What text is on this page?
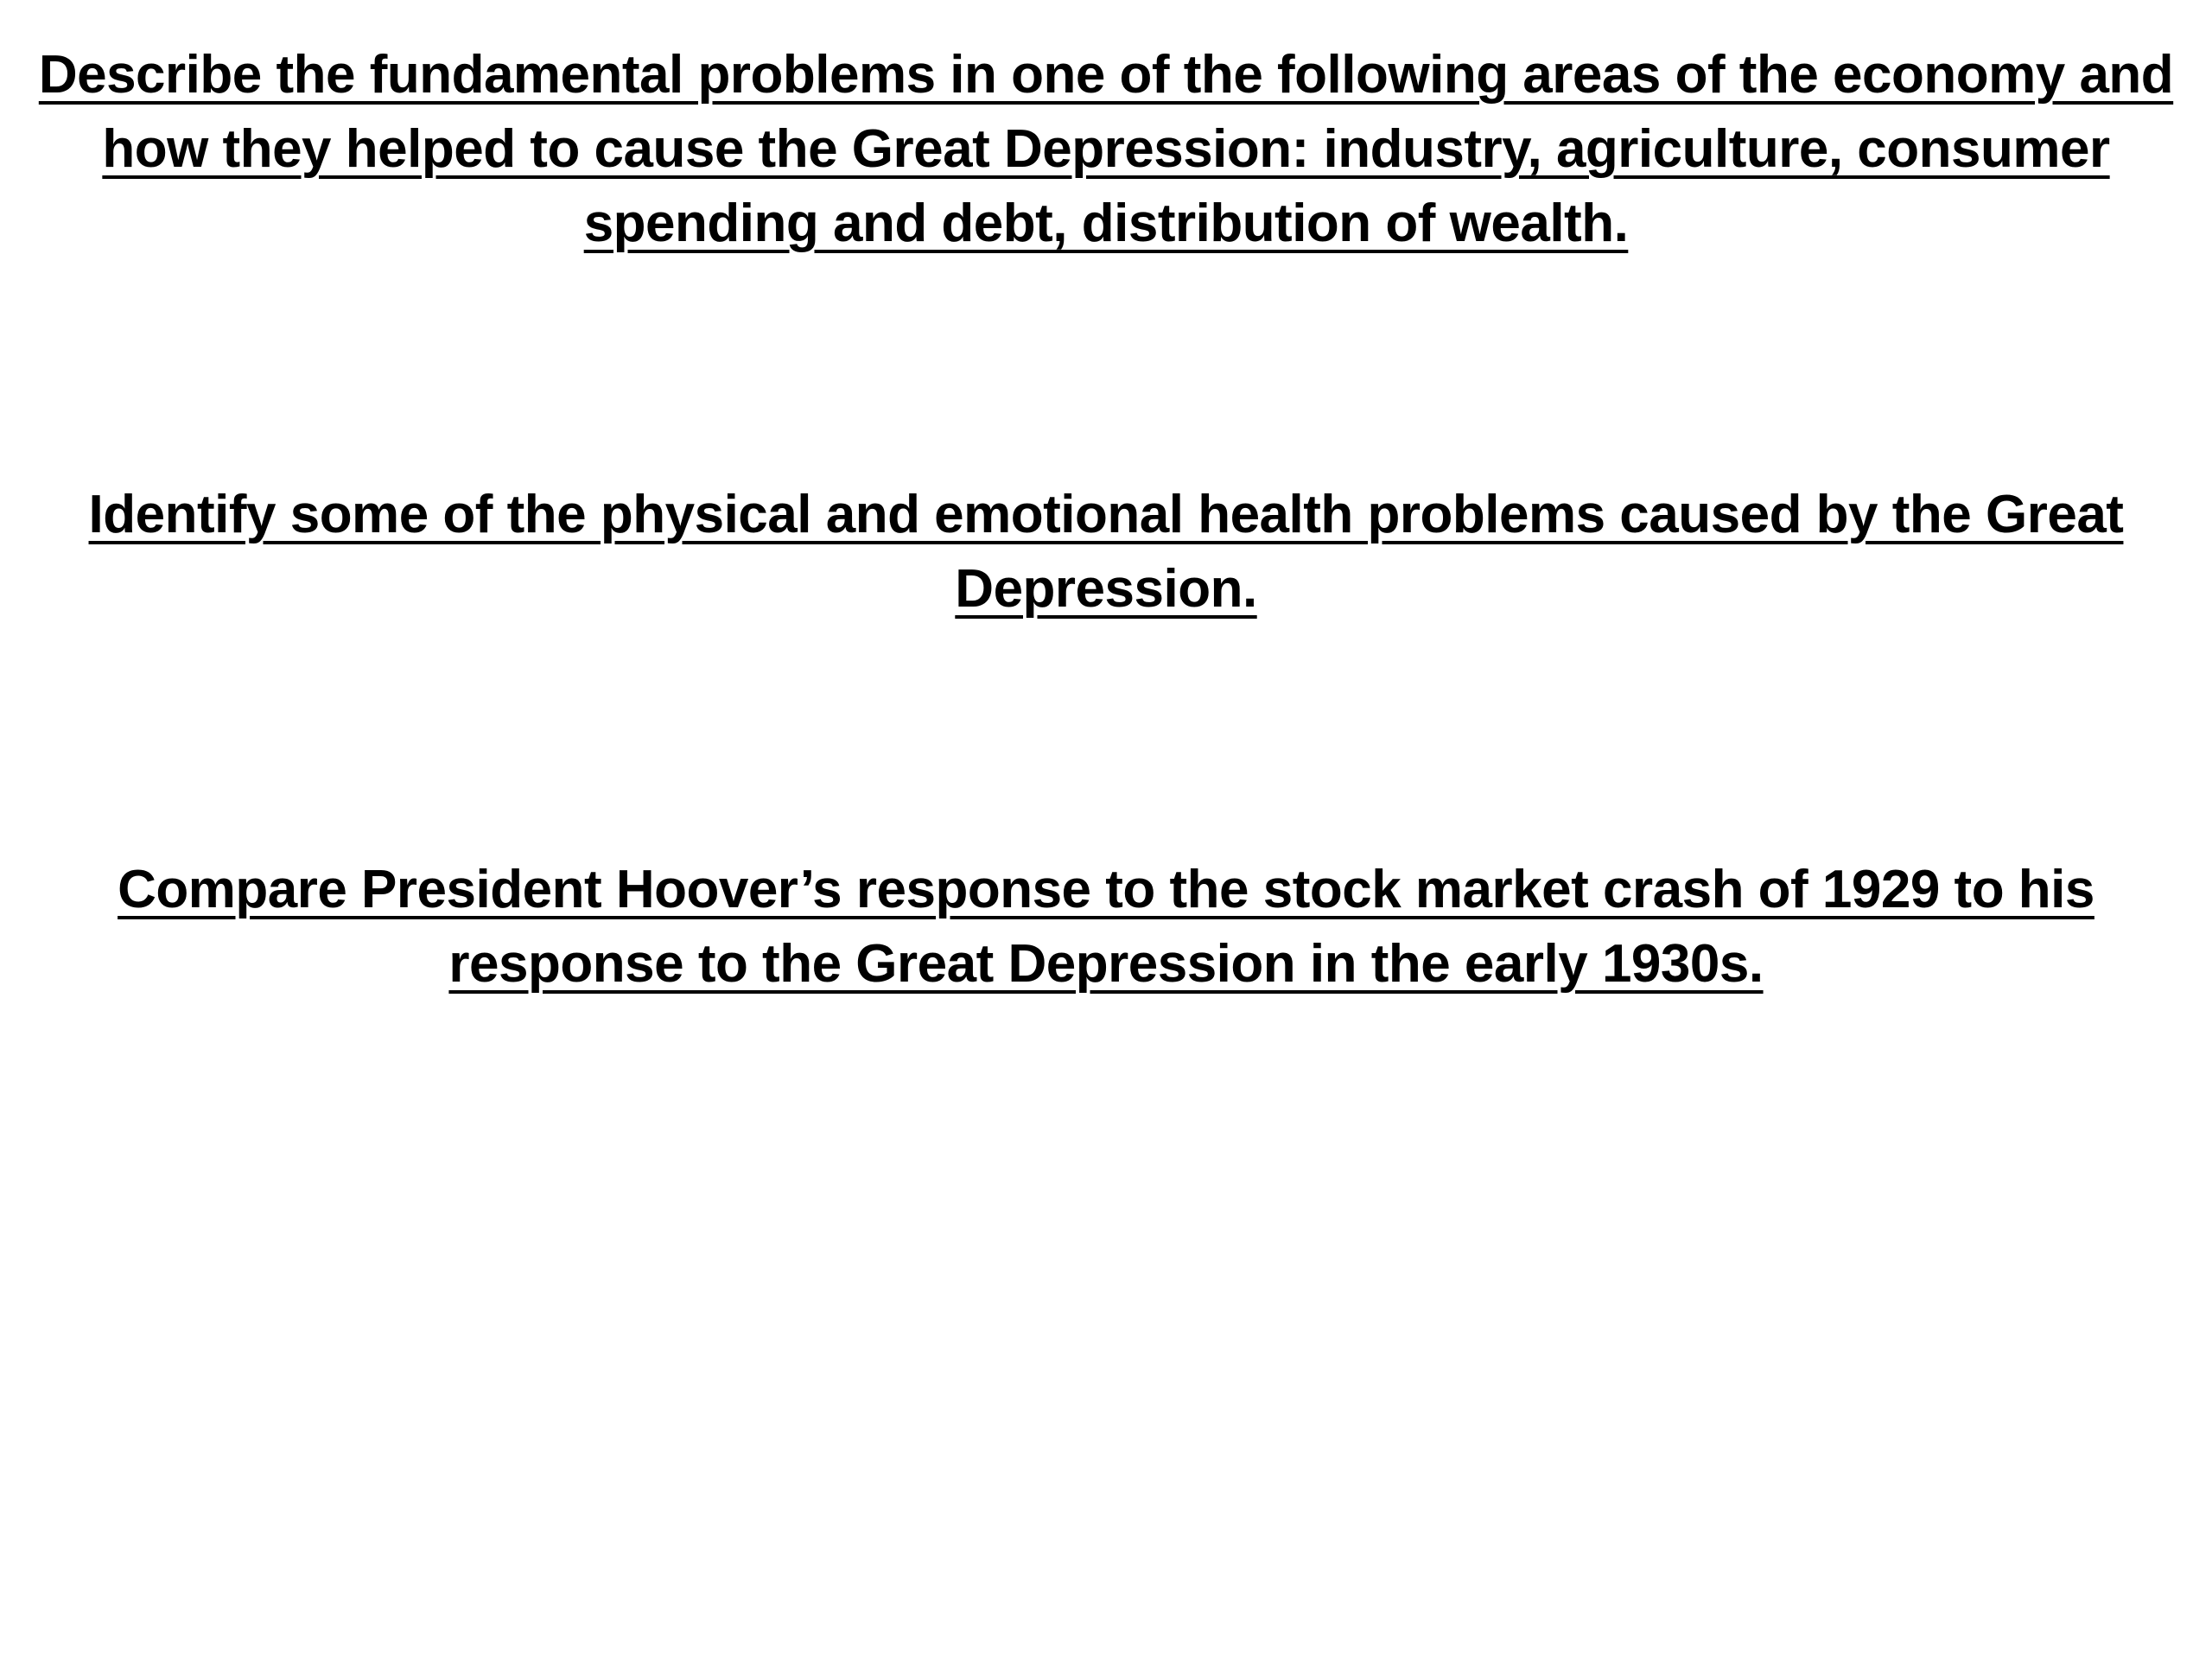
Describe the fundamental problems in one of the following areas of the economy and how they helped to cause the Great Depression: industry, agriculture, consumer spending and debt, distribution of wealth.
Identify some of the physical and emotional health problems caused by the Great Depression.
Compare President Hoover’s response to the stock market crash of 1929 to his response to the Great Depression in the early 1930s.
